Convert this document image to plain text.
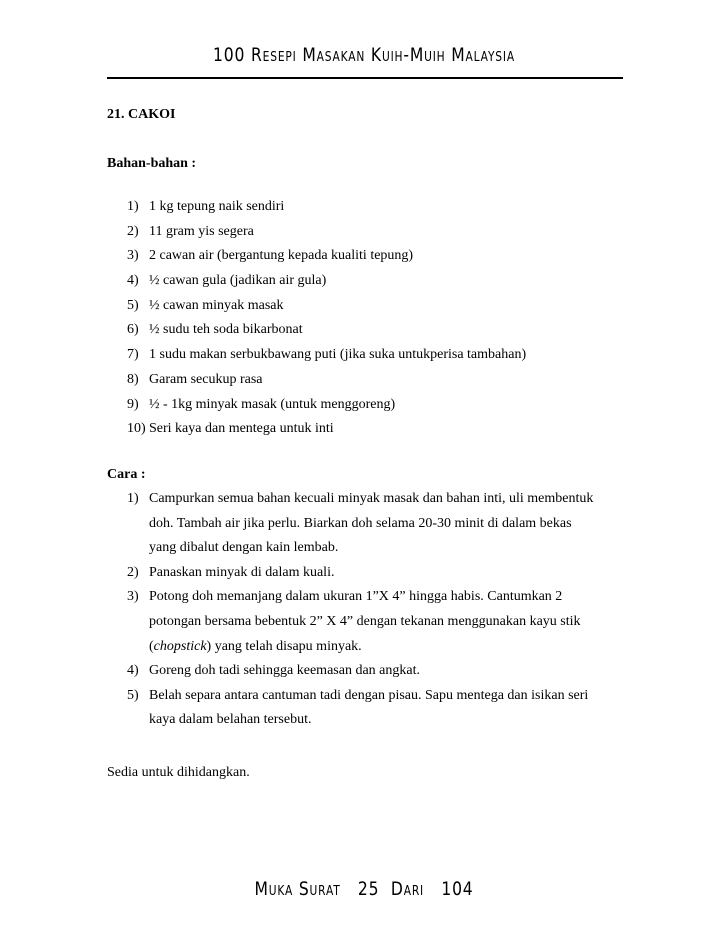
100 Resepi Masakan Kuih-Muih Malaysia
21. CAKOI
Bahan-bahan :
1) 1 kg tepung naik sendiri
2) 11 gram yis segera
3) 2 cawan air (bergantung kepada kualiti tepung)
4) ½ cawan gula (jadikan air gula)
5) ½ cawan minyak masak
6) ½ sudu teh soda bikarbonat
7) 1 sudu makan serbukbawang puti (jika suka untukperisa tambahan)
8) Garam secukup rasa
9) ½ - 1kg minyak masak (untuk menggoreng)
10) Seri kaya dan mentega untuk inti
Cara :
1) Campurkan semua bahan kecuali minyak masak dan bahan inti, uli membentuk doh. Tambah air jika perlu. Biarkan doh selama 20-30 minit di dalam bekas yang dibalut dengan kain lembab.
2) Panaskan minyak di dalam kuali.
3) Potong doh memanjang dalam ukuran 1”X 4” hingga habis. Cantumkan 2 potongan bersama bebentuk 2” X 4” dengan tekanan menggunakan kayu stik (chopstick) yang telah disapu minyak.
4) Goreng doh tadi sehingga keemasan dan angkat.
5) Belah separa antara cantuman tadi dengan pisau. Sapu mentega dan isikan seri kaya dalam belahan tersebut.
Sedia untuk dihidangkan.
Muka Surat   25  Dari   104
